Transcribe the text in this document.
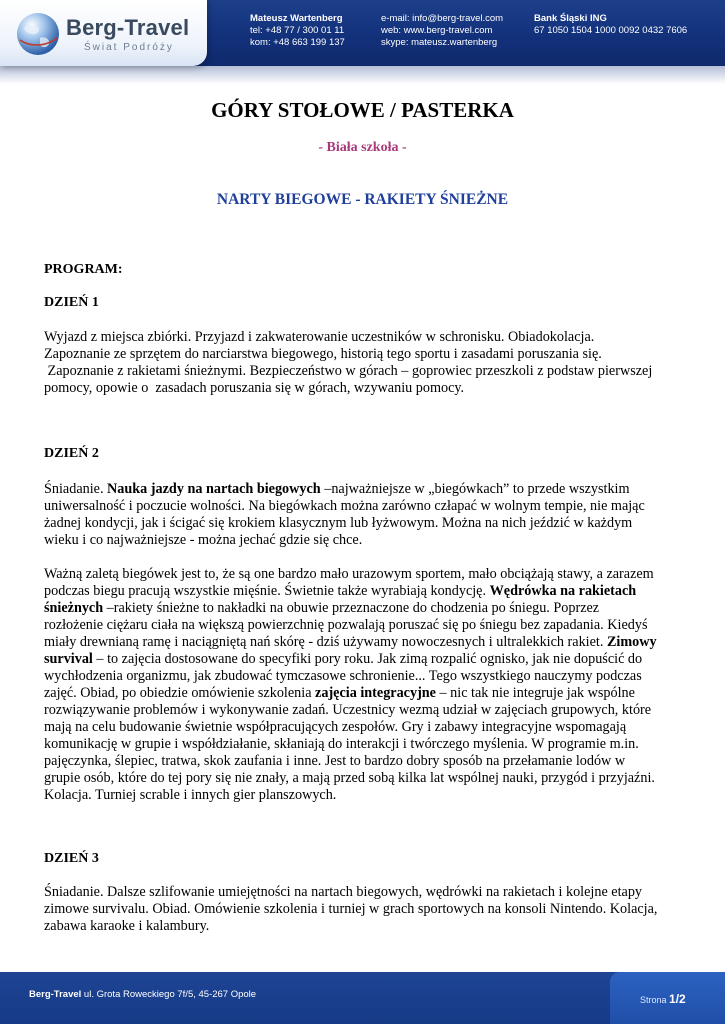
Berg-Travel
Świat Podróży
Mateusz Wartenberg
tel: +48 77 / 300 01 11
kom: +48 663 199 137
e-mail: info@berg-travel.com
web: www.berg-travel.com
skype: mateusz.wartenberg
Bank Śląski ING
67 1050 1504 1000 0092 0432 7606
GÓRY STOŁOWE / PASTERKA
- Biała szkoła -
NARTY BIEGOWE - RAKIETY ŚNIEŻNE
PROGRAM:
DZIEŃ 1
Wyjazd z miejsca zbiórki. Przyjazd i zakwaterowanie uczestników w schronisku. Obiadokolacja.
Zapoznanie ze sprzętem do narciarstwa biegowego, historią tego sportu i zasadami poruszania się.
Zapoznanie z rakietami śnieżnymi. Bezpieczeństwo w górach – goprowiec przeszkoli z podstaw pierwszej
pomocy, opowie o  zasadach poruszania się w górach, wzywaniu pomocy.
DZIEŃ 2
Śniadanie. Nauka jazdy na nartach biegowych –najważniejsze w „biegówkach” to przede wszystkim
uniwersalność i poczucie wolności. Na biegówkach można zarówno człapać w wolnym tempie, nie mając
żadnej kondycji, jak i ścigać się krokiem klasycznym lub łyżwowym. Można na nich jeździć w każdym
wieku i co najważniejsze - można jechać gdzie się chce.
Ważną zaletą biegówek jest to, że są one bardzo mało urazowym sportem, mało obciążają stawy, a zarazem
podczas biegu pracują wszystkie mięśnie. Świetnie także wyrabiają kondycję. Wędrówka na rakietach
śnieżnych –rakiety śnieżne to nakładki na obuwie przeznaczone do chodzenia po śniegu. Poprzez
rozłożenie ciężaru ciała na większą powierzchnię pozwalają poruszać się po śniegu bez zapadania. Kiedyś
miały drewnianą ramę i naciągniętą nań skórę - dziś używamy nowoczesnych i ultralekkich rakiet. Zimowy
survival – to zajęcia dostosowane do specyfiki pory roku. Jak zimą rozpalić ognisko, jak nie dopuścić do
wychłodzenia organizmu, jak zbudować tymczasowe schronienie... Tego wszystkiego nauczymy podczas
zajęć. Obiad, po obiedzie omówienie szkolenia zajęcia integracyjne – nic tak nie integruje jak wspólne
rozwiązywanie problemów i wykonywanie zadań. Uczestnicy wezmą udział w zajęciach grupowych, które
mają na celu budowanie świetnie współpracujących zespołów. Gry i zabawy integracyjne wspomagają
komunikację w grupie i współdziałanie, skłaniają do interakcji i twórczego myślenia. W programie m.in.
pajęczynka, ślepiec, tratwa, skok zaufania i inne. Jest to bardzo dobry sposób na przełamanie lodów w
grupie osób, które do tej pory się nie znały, a mają przed sobą kilka lat wspólnej nauki, przygód i przyjaźni.
Kolacja. Turniej scrable i innych gier planszowych.
DZIEŃ 3
Śniadanie. Dalsze szlifowanie umiejętności na nartach biegowych, wędrówki na rakietach i kolejne etapy
zimowe survivalu. Obiad. Omówienie szkolenia i turniej w grach sportowych na konsoli Nintendo. Kolacja,
zabawa karaoke i kalambury.
Berg-Travel ul. Grota Roweckiego 7f/5, 45-267 Opole	Strona 1/2
